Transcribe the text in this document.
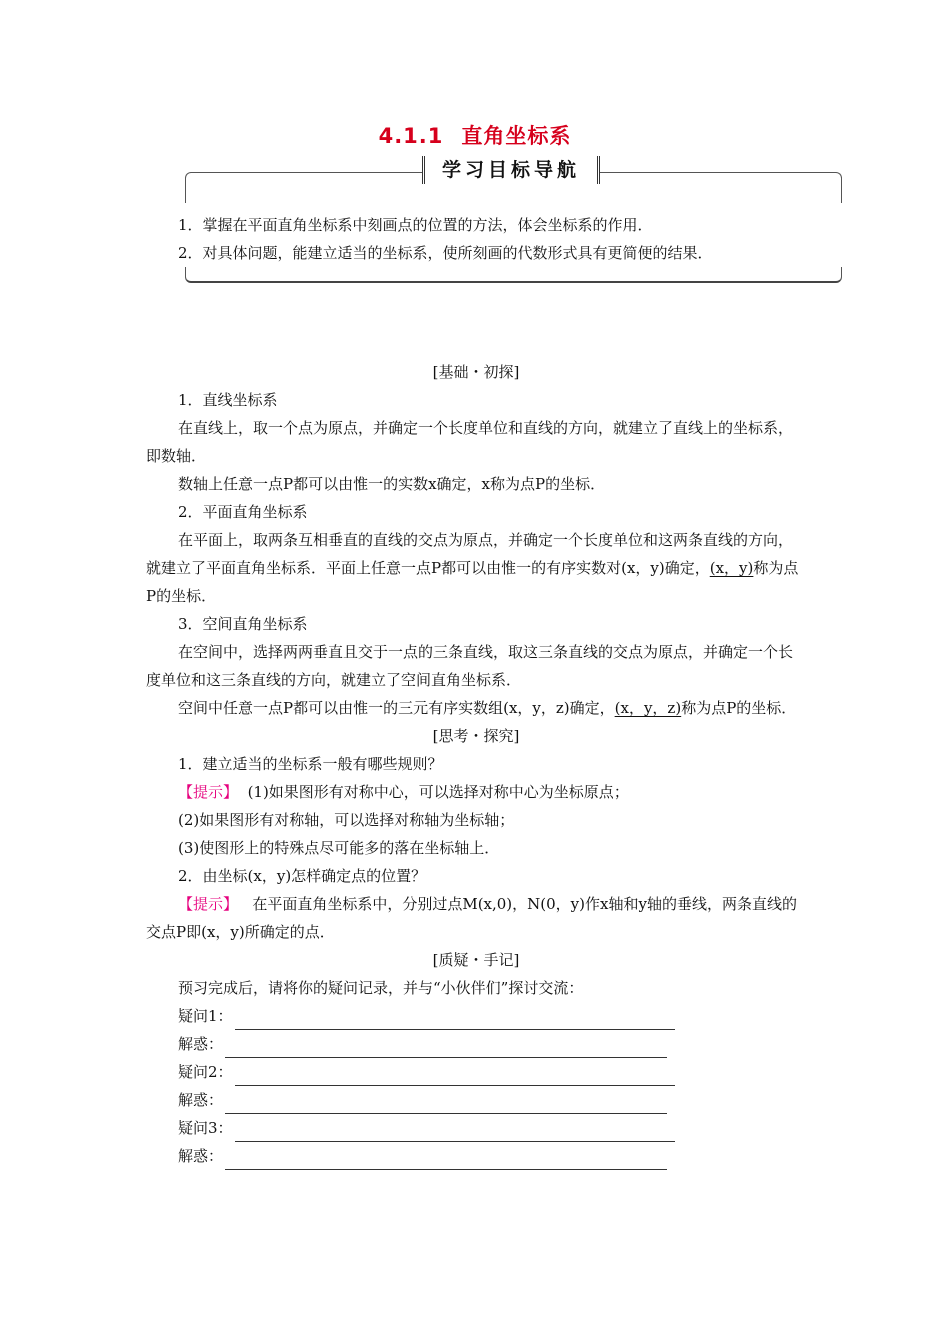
4.1.1 直角坐标系
学习目标导航
1．掌握在平面直角坐标系中刻画点的位置的方法，体会坐标系的作用．
2．对具体问题，能建立适当的坐标系，使所刻画的代数形式具有更简便的结果．

[基础・初探]

1．直线坐标系

在直线上，取一个点为原点，并确定一个长度单位和直线的方向，就建立了直线上的坐标系，即数轴．

数轴上任意一点P都可以由惟一的实数x确定，x称为点P的坐标．

2．平面直角坐标系

在平面上，取两条互相垂直的直线的交点为原点，并确定一个长度单位和这两条直线的方向，就建立了平面直角坐标系．平面上任意一点P都可以由惟一的有序实数对(x，y)确定，(x，y)称为点P的坐标．

3．空间直角坐标系

在空间中，选择两两垂直且交于一点的三条直线，取这三条直线的交点为原点，并确定一个长度单位和这三条直线的方向，就建立了空间直角坐标系．

空间中任意一点P都可以由惟一的三元有序实数组(x，y，z)确定，(x，y，z)称为点P的坐标．

[思考・探究]

1．建立适当的坐标系一般有哪些规则？

【提示】 (1)如果图形有对称中心，可以选择对称中心为坐标原点；

(2)如果图形有对称轴，可以选择对称轴为坐标轴；

(3)使图形上的特殊点尽可能多的落在坐标轴上．

2．由坐标(x，y)怎样确定点的位置？

【提示】 在平面直角坐标系中，分别过点M(x,0)，N(0，y)作x轴和y轴的垂线，两条直线的交点P即(x，y)所确定的点．

[质疑・手记]

预习完成后，请将你的疑问记录，并与“小伙伴们”探讨交流：

疑问1：

解惑：

疑问2：

解惑：

疑问3：

解惑：
